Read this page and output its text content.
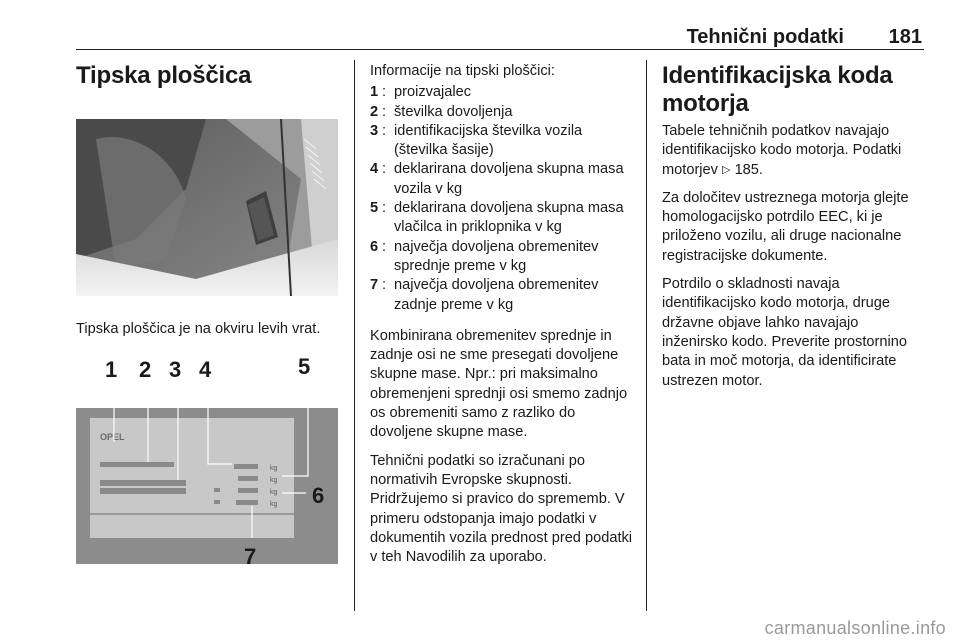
Tehnični podatki 181
Tipska ploščica
Tipska ploščica je na okviru levih vrat.
OPEL
kg
kg
kg
kg
1 2 3 4	5
6
7

Informacije na tipski ploščici:

1 : proizvajalec
2 : številka dovoljenja
3 : identifikacijska številka vozila (številka šasije)
4 : deklarirana dovoljena skupna masa vozila v kg
5 : deklarirana dovoljena skupna masa vlačilca in priklopnika v kg
6 : največja dovoljena obremenitev sprednje preme v kg
7 : največja dovoljena obremenitev zadnje preme v kg

Kombinirana obremenitev sprednje in zadnje osi ne sme presegati dovoljene skupne mase. Npr.: pri maksimalno obremenjeni sprednji osi smemo zadnjo os obremeniti samo z razliko do dovoljene skupne mase.

Tehnični podatki so izračunani po normativih Evropske skupnosti. Pridržujemo si pravico do sprememb. V primeru odstopanja imajo podatki v dokumentih vozila prednost pred podatki v teh Navodilih za uporabo.

Identifikacijska koda motorja

Tabele tehničnih podatkov navajajo identifikacijsko kodo motorja. Podatki motorjev ▷ 185.

Za določitev ustreznega motorja glejte homologacijsko potrdilo EEC, ki je priloženo vozilu, ali druge nacionalne registracijske dokumente.

Potrdilo o skladnosti navaja identifikacijsko kodo motorja, druge državne objave lahko navajajo inženirsko kodo. Preverite prostornino bata in moč motorja, da identificirate ustrezen motor.

carmanualsonline.info
